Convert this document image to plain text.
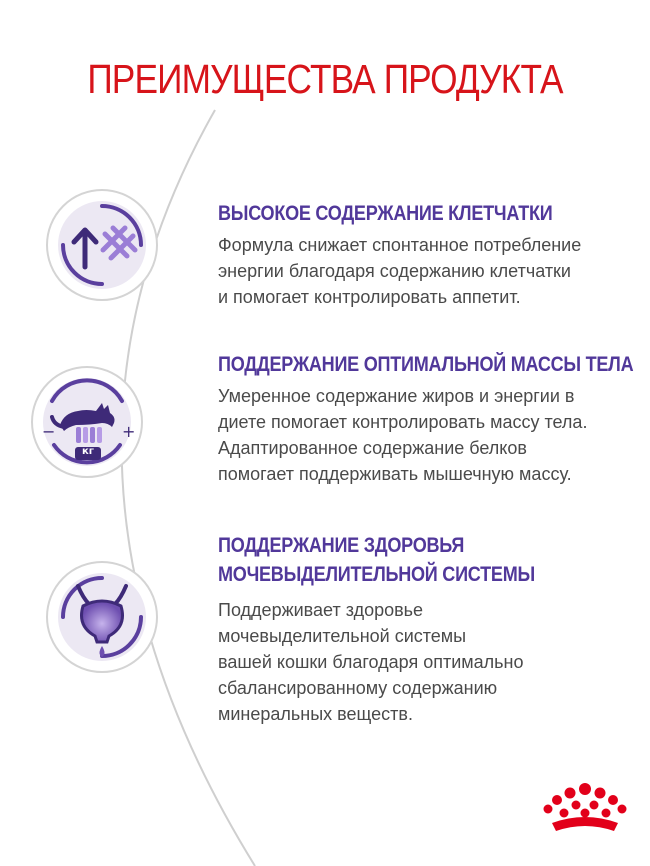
ПРЕИМУЩЕСТВА ПРОДУКТА
ВЫСОКОЕ СОДЕРЖАНИЕ КЛЕТЧАТКИ
Формула снижает спонтанное потребление
энергии благодаря содержанию клетчатки
и помогает контролировать аппетит.
−	+
кг
ПОДДЕРЖАНИЕ ОПТИМАЛЬНОЙ МАССЫ ТЕЛА
Умеренное содержание жиров и энергии в
диете помогает контролировать массу тела.
Адаптированное содержание белков
помогает поддерживать мышечную массу.
ПОДДЕРЖАНИЕ ЗДОРОВЬЯ
МОЧЕВЫДЕЛИТЕЛЬНОЙ СИСТЕМЫ
Поддерживает здоровье
мочевыделительной системы
вашей кошки благодаря оптимально
сбалансированному содержанию
минеральных веществ.
